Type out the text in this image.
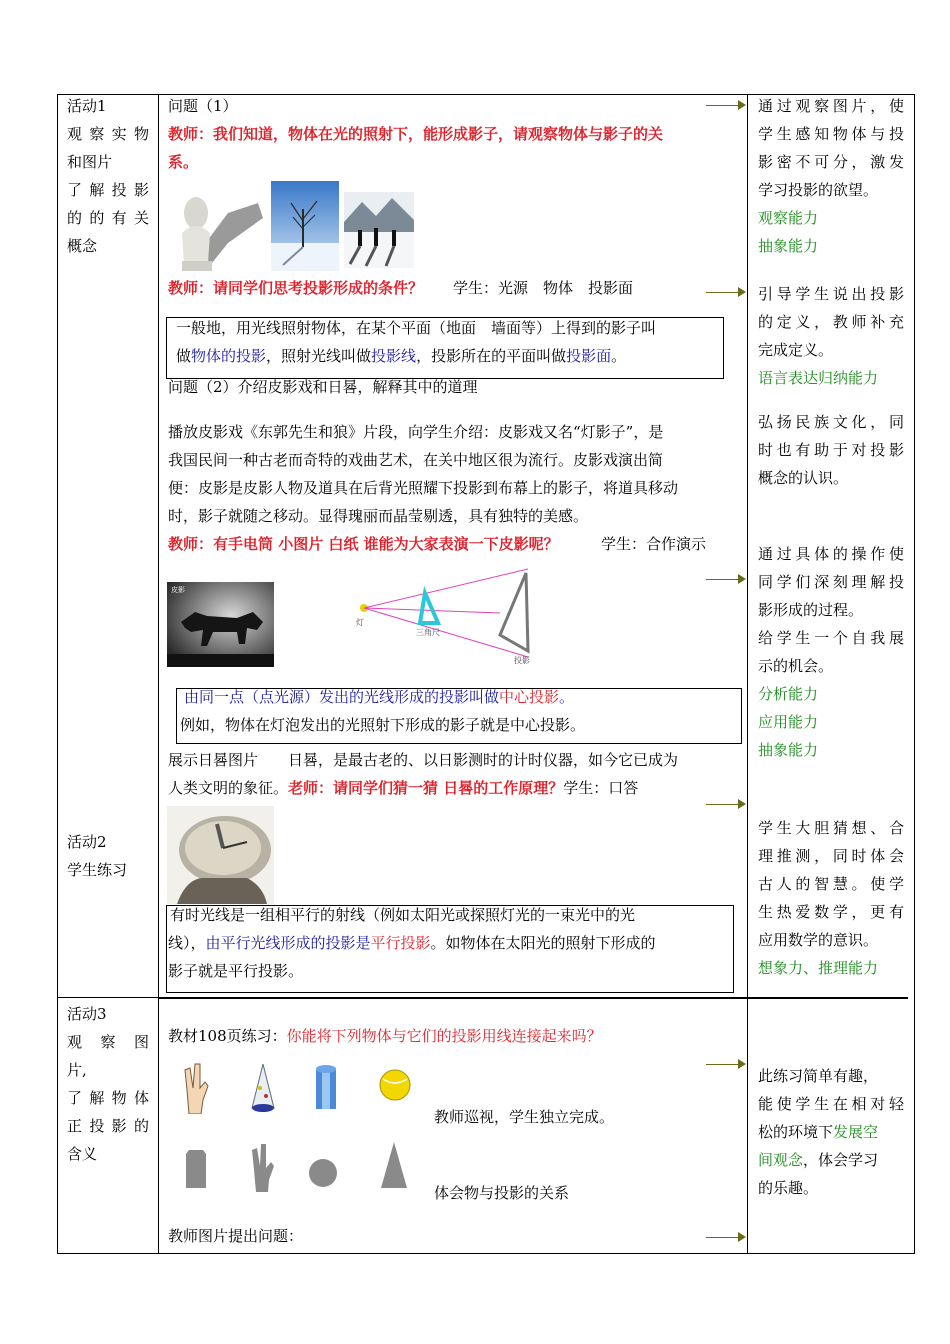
活动1
观察实物
和图片
了解投影
的的有关
概念
活动2
学生练习
活动3
观察图
片,
了解物体
正投影的
含义
问题（1）
教师：我们知道，物体在光的照射下，能形成影子，请观察物体与影子的关
系。
教师：请同学们思考投影形成的条件？ 学生：光源　物体　投影面
一般地，用光线照射物体，在某个平面（地面　墙面等）上得到的影子叫
做物体的投影，照射光线叫做投影线，投影所在的平面叫做投影面。
问题（2）介绍皮影戏和日晷，解释其中的道理
播放皮影戏《东郭先生和狼》片段，向学生介绍：皮影戏又名“灯影子”，是
我国民间一种古老而奇特的戏曲艺术，在关中地区很为流行。皮影戏演出简
便：皮影是皮影人物及道具在后背光照耀下投影到布幕上的影子，将道具移动
时，影子就随之移动。显得瑰丽而晶莹剔透，具有独特的美感。
教师：有手电筒 小图片 白纸 谁能为大家表演一下皮影呢？	学生：合作演示
皮影
灯
三角尺
投影
由同一点（点光源）发出的光线形成的投影叫做中心投影。
例如，物体在灯泡发出的光照射下形成的影子就是中心投影。
展示日晷图片　　日晷，是最古老的、以日影测时的计时仪器，如今它已成为
人类文明的象征。老师：请同学们猜一猜 日晷的工作原理？学生：口答
有时光线是一组相平行的射线（例如太阳光或探照灯光的一束光中的光
线），由平行光线形成的投影是平行投影。如物体在太阳光的照射下形成的
影子就是平行投影。
教材108页练习：你能将下列物体与它们的投影用线连接起来吗？
教师巡视，学生独立完成。
体会物与投影的关系
教师图片提出问题：
通过观察图片，使
学生感知物体与投
影密不可分，激发
学习投影的欲望。
观察能力
抽象能力
引导学生说出投影
的定义，教师补充
完成定义。
语言表达归纳能力
弘扬民族文化，同
时也有助于对投影
概念的认识。
通过具体的操作使
同学们深刻理解投
影形成的过程。
给学生一个自我展
示的机会。
分析能力
应用能力
抽象能力
学生大胆猜想、合
理推测，同时体会
古人的智慧。使学
生热爱数学，更有
应用数学的意识。
想象力、推理能力
此练习简单有趣，
能使学生在相对轻
松的环境下发展空
间观念，体会学习
的乐趣。
